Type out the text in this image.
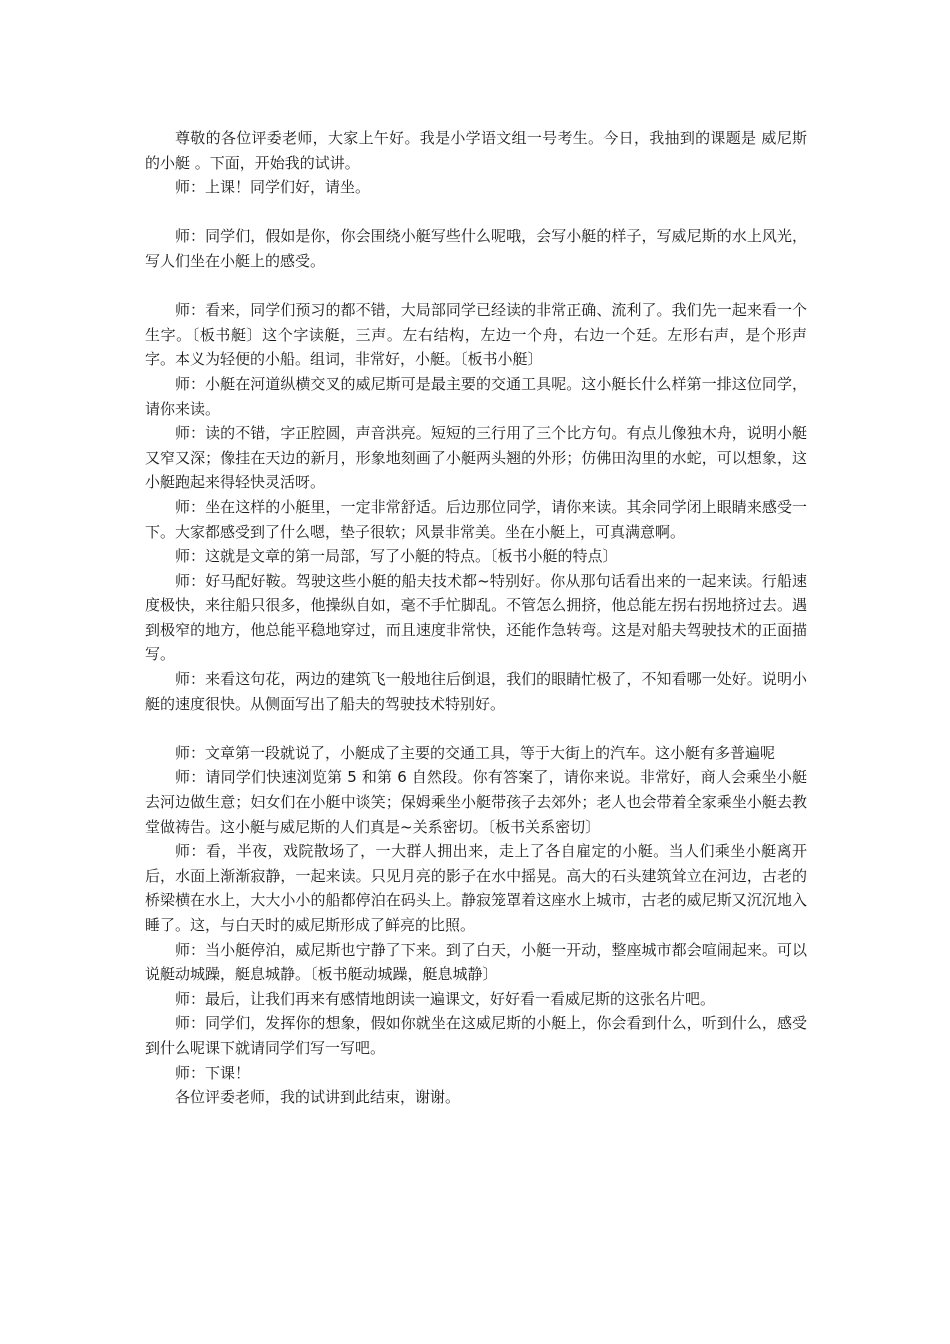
尊敬的各位评委老师，大家上午好。我是小学语文组一号考生。今日，我抽到的课题是 威尼斯的小艇 。下面，开始我的试讲。

师：上课！同学们好，请坐。

师：同学们，假如是你，你会围绕小艇写些什么呢哦，会写小艇的样子，写威尼斯的水上风光，写人们坐在小艇上的感受。

师：看来，同学们预习的都不错，大局部同学已经读的非常正确、流利了。我们先一起来看一个生字。〔板书艇〕这个字读艇，三声。左右结构，左边一个舟，右边一个廷。左形右声，是个形声字。本义为轻便的小船。组词，非常好，小艇。〔板书小艇〕

师：小艇在河道纵横交叉的威尼斯可是最主要的交通工具呢。这小艇长什么样第一排这位同学，请你来读。

师：读的不错，字正腔圆，声音洪亮。短短的三行用了三个比方句。有点儿像独木舟，说明小艇又窄又深；像挂在天边的新月，形象地刻画了小艇两头翘的外形；仿佛田沟里的水蛇，可以想象，这小艇跑起来得轻快灵活呀。

师：坐在这样的小艇里，一定非常舒适。后边那位同学，请你来读。其余同学闭上眼睛来感受一下。大家都感受到了什么嗯，垫子很软；风景非常美。坐在小艇上，可真满意啊。

师：这就是文章的第一局部，写了小艇的特点。〔板书小艇的特点〕

师：好马配好鞍。驾驶这些小艇的船夫技术都~特别好。你从那句话看出来的一起来读。行船速度极快，来往船只很多，他操纵自如，毫不手忙脚乱。不管怎么拥挤，他总能左拐右拐地挤过去。遇到极窄的地方，他总能平稳地穿过，而且速度非常快，还能作急转弯。这是对船夫驾驶技术的正面描写。

师：来看这句花，两边的建筑飞一般地往后倒退，我们的眼睛忙极了，不知看哪一处好。说明小艇的速度很快。从侧面写出了船夫的驾驶技术特别好。

师：文章第一段就说了，小艇成了主要的交通工具，等于大街上的汽车。这小艇有多普遍呢

师：请同学们快速浏览第 5 和第 6 自然段。你有答案了，请你来说。非常好，商人会乘坐小艇去河边做生意；妇女们在小艇中谈笑；保姆乘坐小艇带孩子去郊外；老人也会带着全家乘坐小艇去教堂做祷告。这小艇与威尼斯的人们真是~关系密切。〔板书关系密切〕

师：看，半夜，戏院散场了，一大群人拥出来，走上了各自雇定的小艇。当人们乘坐小艇离开后，水面上渐渐寂静，一起来读。只见月亮的影子在水中摇晃。高大的石头建筑耸立在河边，古老的桥梁横在水上，大大小小的船都停泊在码头上。静寂笼罩着这座水上城市，古老的威尼斯又沉沉地入睡了。这，与白天时的威尼斯形成了鲜亮的比照。

师：当小艇停泊，威尼斯也宁静了下来。到了白天，小艇一开动，整座城市都会喧闹起来。可以说艇动城躁，艇息城静。〔板书艇动城躁，艇息城静〕

师：最后，让我们再来有感情地朗读一遍课文，好好看一看威尼斯的这张名片吧。

师：同学们，发挥你的想象，假如你就坐在这威尼斯的小艇上，你会看到什么，听到什么，感受到什么呢课下就请同学们写一写吧。

师：下课！

各位评委老师，我的试讲到此结束，谢谢。
